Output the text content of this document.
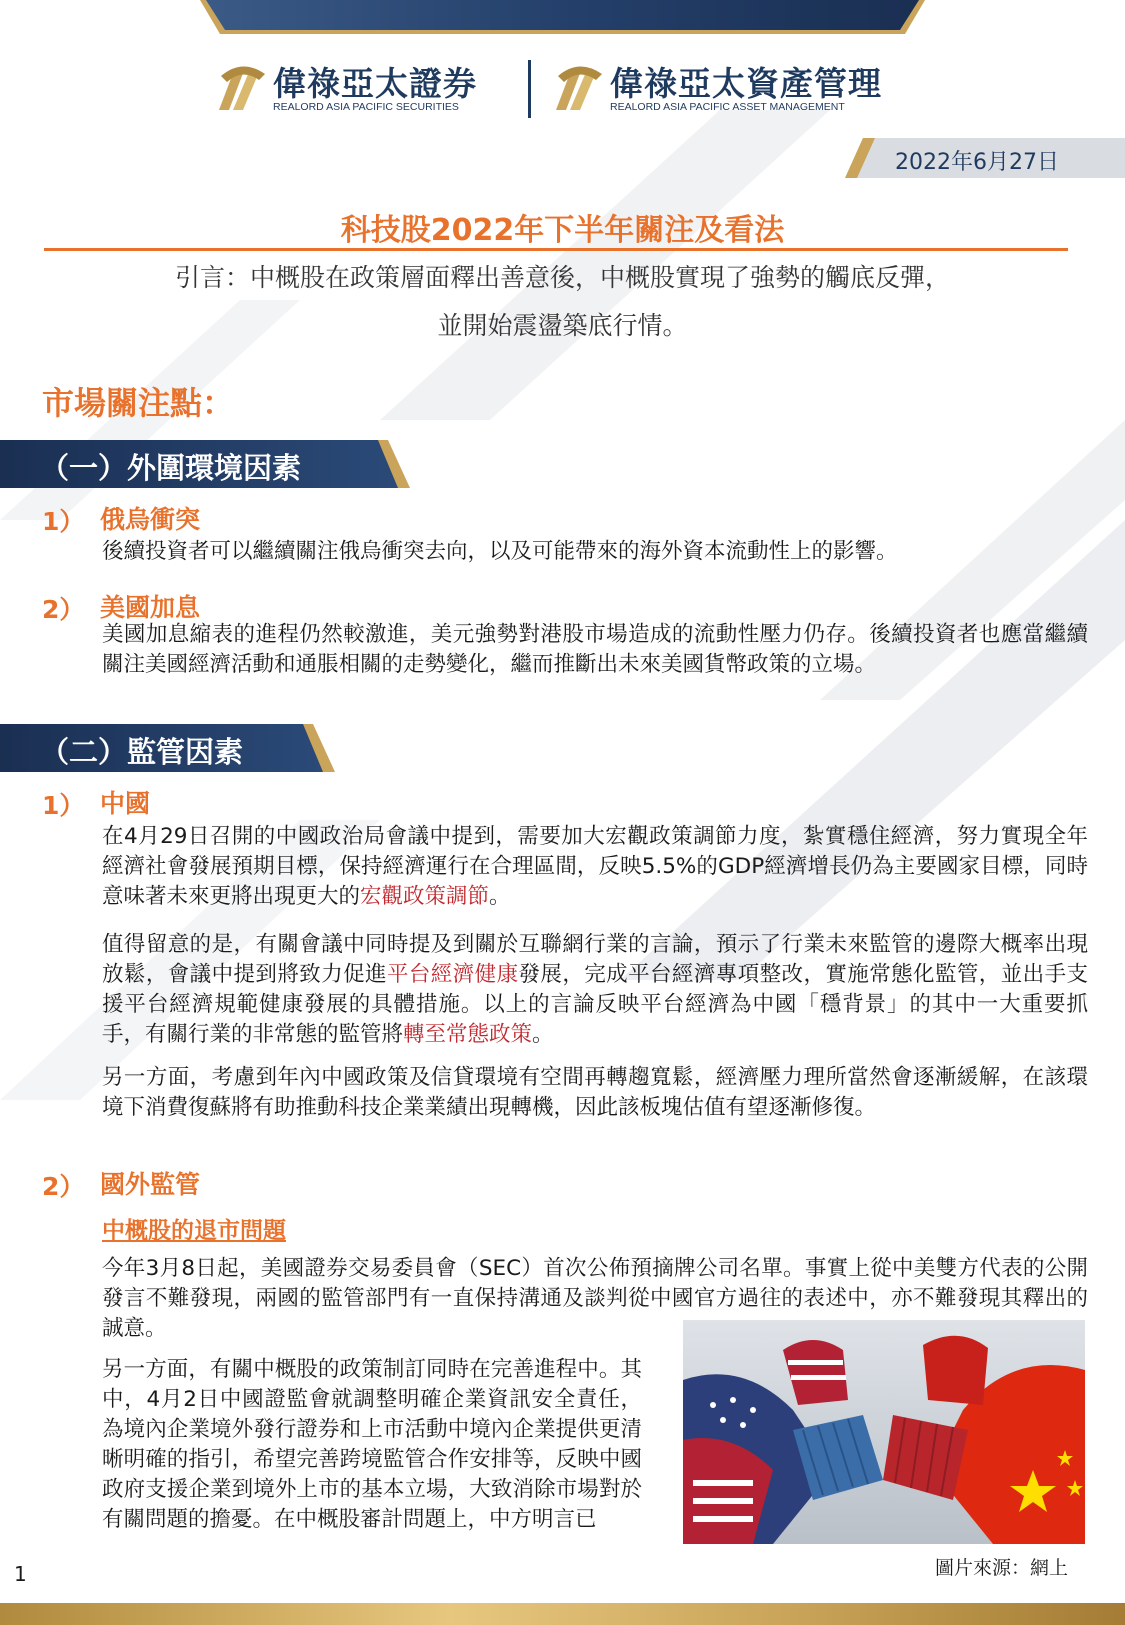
偉祿亞太證券
REALORD ASIA PACIFIC SECURITIES
偉祿亞太資產管理
REALORD ASIA PACIFIC ASSET MANAGEMENT
2022年6月27日
科技股2022年下半年關注及看法
引言：中概股在政策層面釋出善意後，中概股實現了強勢的觸底反彈，
並開始震盪築底行情。
市場關注點：
（一）外圍環境因素
1） 俄烏衝突
後續投資者可以繼續關注俄烏衝突去向，以及可能帶來的海外資本流動性上的影響。
2） 美國加息
美國加息縮表的進程仍然較激進，美元強勢對港股市場造成的流動性壓力仍存。後續投資者也應當繼續關注美國經濟活動和通脹相關的走勢變化，繼而推斷出未來美國貨幣政策的立場。
（二）監管因素
1） 中國
在4月29日召開的中國政治局會議中提到，需要加大宏觀政策調節力度，紮實穩住經濟，努力實現全年經濟社會發展預期目標，保持經濟運行在合理區間，反映5.5%的GDP經濟增長仍為主要國家目標，同時意味著未來更將出現更大的宏觀政策調節。
值得留意的是，有關會議中同時提及到關於互聯網行業的言論，預示了行業未來監管的邊際大概率出現放鬆，會議中提到將致力促進平台經濟健康發展，完成平台經濟專項整改，實施常態化監管，並出手支援平台經濟規範健康發展的具體措施。以上的言論反映平台經濟為中國「穩背景」的其中一大重要抓手，有關行業的非常態的監管將轉至常態政策。
另一方面，考慮到年內中國政策及信貸環境有空間再轉趨寬鬆，經濟壓力理所當然會逐漸緩解，在該環境下消費復蘇將有助推動科技企業業績出現轉機，因此該板塊估值有望逐漸修復。
2） 國外監管
中概股的退市問題
今年3月8日起，美國證券交易委員會（SEC）首次公佈預摘牌公司名單。事實上從中美雙方代表的公開發言不難發現，兩國的監管部門有一直保持溝通及談判從中國官方過往的表述中，亦不難發現其釋出的誠意。
另一方面，有關中概股的政策制訂同時在完善進程中。其中，4月2日中國證監會就調整明確企業資訊安全責任，為境內企業境外發行證券和上市活動中境內企業提供更清晰明確的指引，希望完善跨境監管合作安排等，反映中國政府支援企業到境外上市的基本立場，大致消除市場對於有關問題的擔憂。在中概股審計問題上，中方明言已
圖片來源：網上
1
